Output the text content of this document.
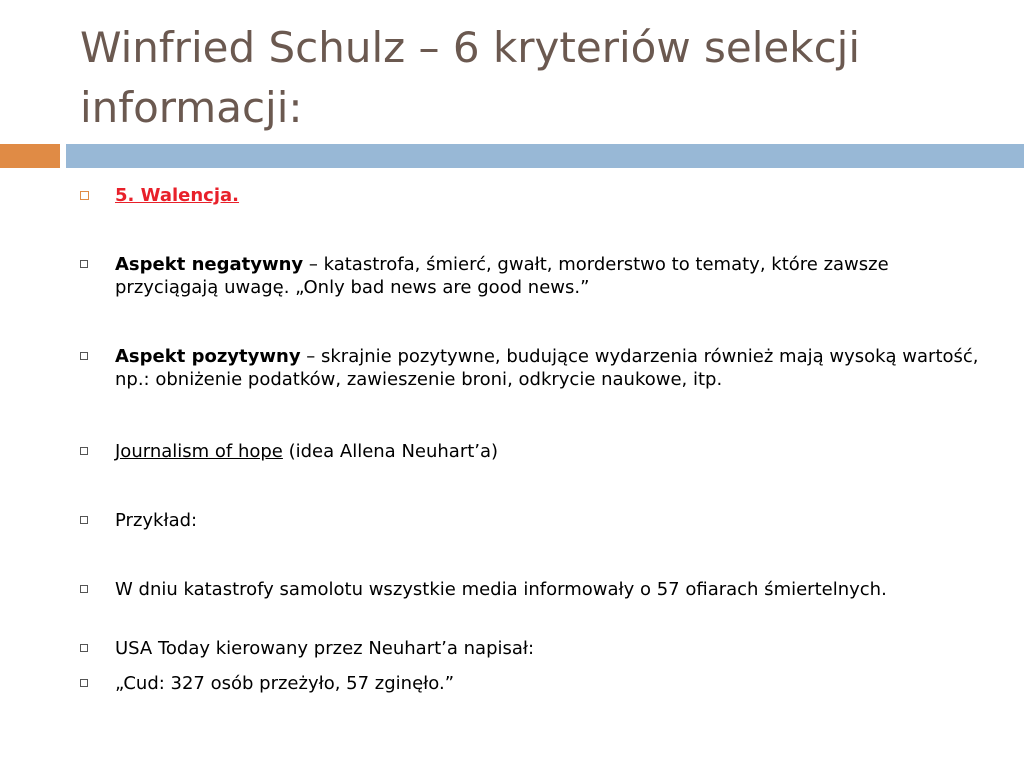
Winfried Schulz – 6 kryteriów selekcji informacji:
5. Walencja.
Aspekt negatywny – katastrofa, śmierć, gwałt, morderstwo to tematy, które zawsze przyciągają uwagę. „Only bad news are good news.”
Aspekt pozytywny – skrajnie pozytywne, budujące wydarzenia również mają wysoką wartość, np.: obniżenie podatków, zawieszenie broni, odkrycie naukowe, itp.
Journalism of hope (idea Allena Neuhart’a)
Przykład:
W dniu katastrofy samolotu wszystkie media informowały o 57 ofiarach śmiertelnych.
USA Today kierowany przez Neuhart’a napisał:
„Cud: 327 osób przeżyło, 57 zginęło.”
